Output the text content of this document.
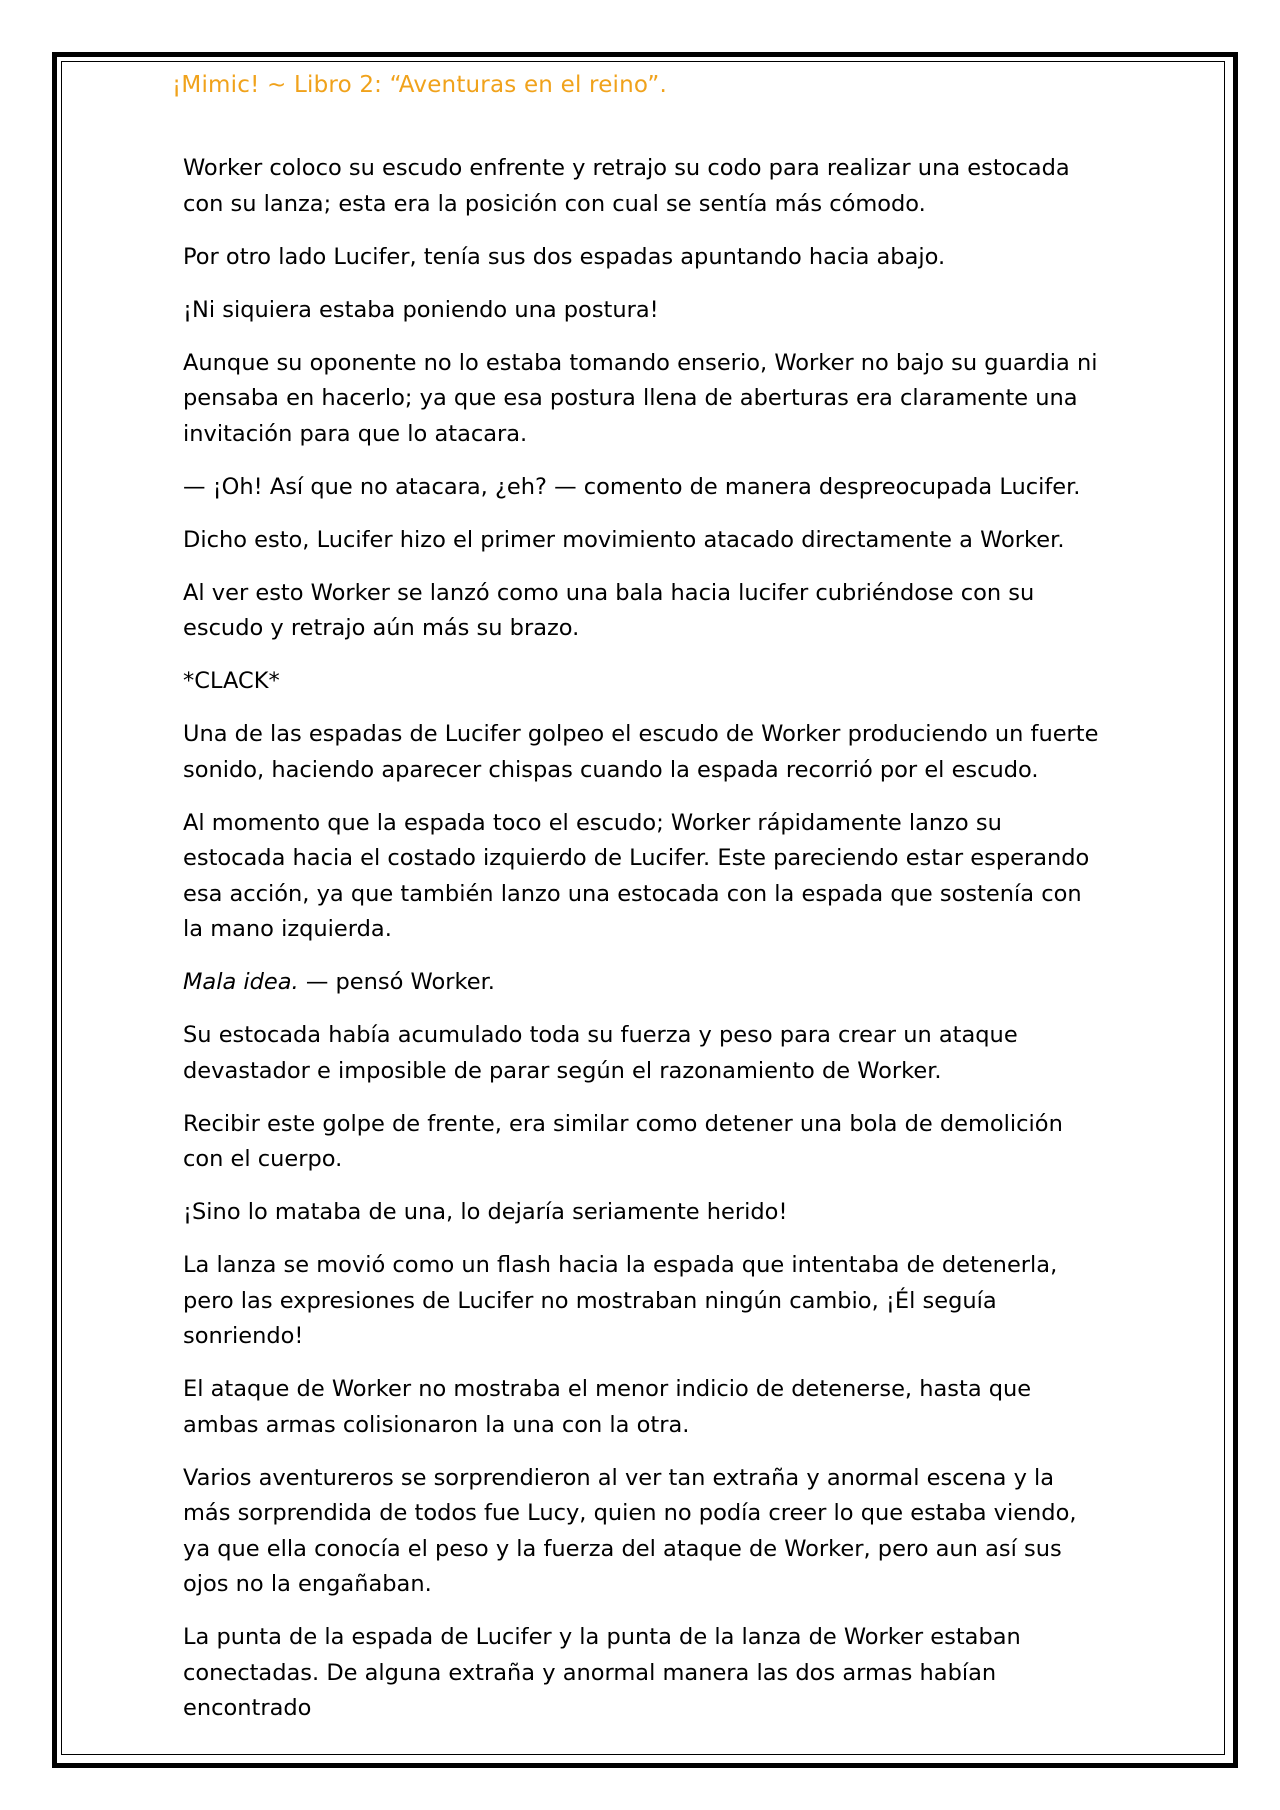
¡Mimic! ~ Libro 2: “Aventuras en el reino”.

Worker coloco su escudo enfrente y retrajo su codo para realizar una estocada con su lanza; esta era la posición con cual se sentía más cómodo.

Por otro lado Lucifer, tenía sus dos espadas apuntando hacia abajo.

¡Ni siquiera estaba poniendo una postura!

Aunque su oponente no lo estaba tomando enserio, Worker no bajo su guardia ni pensaba en hacerlo; ya que esa postura llena de aberturas era claramente una invitación para que lo atacara.

— ¡Oh! Así que no atacara, ¿eh? — comento de manera despreocupada Lucifer.

Dicho esto, Lucifer hizo el primer movimiento atacado directamente a Worker.

Al ver esto Worker se lanzó como una bala hacia lucifer cubriéndose con su escudo y retrajo aún más su brazo.

*CLACK*

Una de las espadas de Lucifer golpeo el escudo de Worker produciendo un fuerte sonido, haciendo aparecer chispas cuando la espada recorrió por el escudo.

Al momento que la espada toco el escudo; Worker rápidamente lanzo su estocada hacia el costado izquierdo de Lucifer. Este pareciendo estar esperando esa acción, ya que también lanzo una estocada con la espada que sostenía con la mano izquierda.

Mala idea. — pensó Worker.

Su estocada había acumulado toda su fuerza y peso para crear un ataque devastador e imposible de parar según el razonamiento de Worker.

Recibir este golpe de frente, era similar como detener una bola de demolición con el cuerpo.

¡Sino lo mataba de una, lo dejaría seriamente herido!

La lanza se movió como un flash hacia la espada que intentaba de detenerla, pero las expresiones de Lucifer no mostraban ningún cambio, ¡Él seguía sonriendo!

El ataque de Worker no mostraba el menor indicio de detenerse, hasta que ambas armas colisionaron la una con la otra.

Varios aventureros se sorprendieron al ver tan extraña y anormal escena y la más sorprendida de todos fue Lucy, quien no podía creer lo que estaba viendo, ya que ella conocía el peso y la fuerza del ataque de Worker, pero aun así sus ojos no la engañaban.

La punta de la espada de Lucifer y la punta de la lanza de Worker estaban conectadas. De alguna extraña y anormal manera las dos armas habían encontrado
